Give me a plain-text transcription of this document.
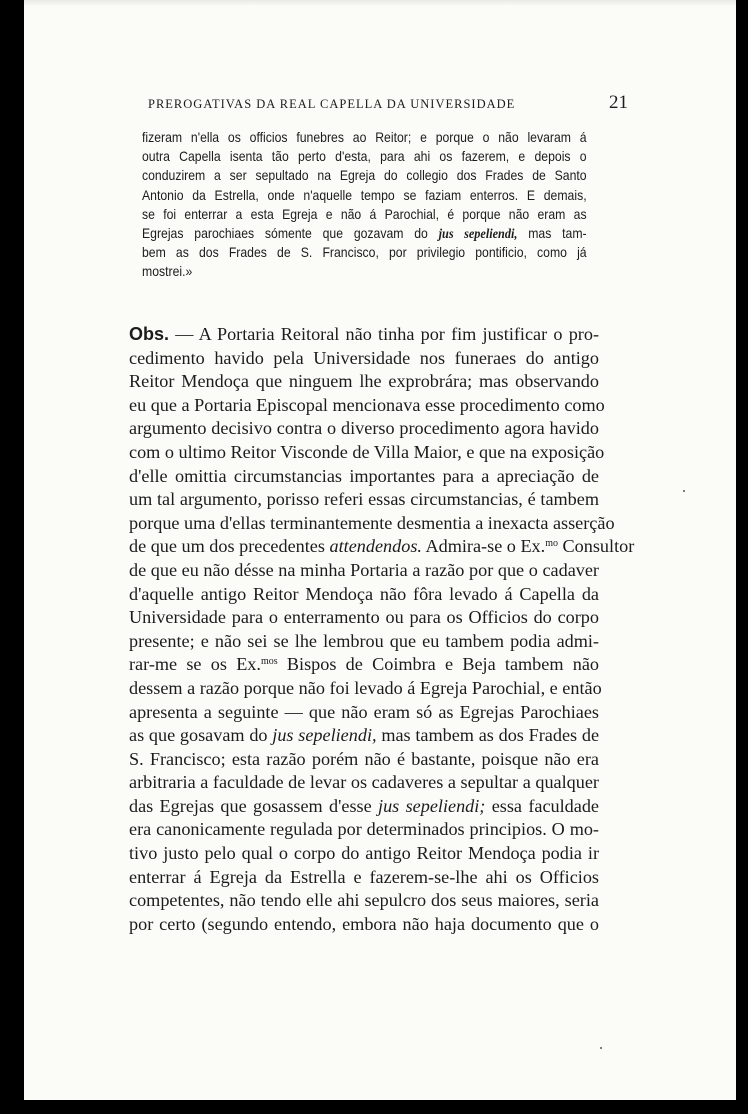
PREROGATIVAS DA REAL CAPELLA DA UNIVERSIDADE	21
fizeram n'ella os officios funebres ao Reitor; e porque o não levaram á
outra Capella isenta tão perto d'esta, para ahi os fazerem, e depois o
conduzirem a ser sepultado na Egreja do collegio dos Frades de Santo
Antonio da Estrella, onde n'aquelle tempo se faziam enterros. E demais,
se foi enterrar a esta Egreja e não á Parochial, é porque não eram as
Egrejas parochiaes sómente que gozavam do jus sepeliendi, mas tam-
bem as dos Frades de S. Francisco, por privilegio pontificio, como já
mostrei.»
Obs. — A Portaria Reitoral não tinha por fim justificar o pro-
cedimento havido pela Universidade nos funeraes do antigo
Reitor Mendoça que ninguem lhe exprobrára; mas observando
eu que a Portaria Episcopal mencionava esse procedimento como
argumento decisivo contra o diverso procedimento agora havido
com o ultimo Reitor Visconde de Villa Maior, e que na exposição
d'elle omittia circumstancias importantes para a apreciação de
um tal argumento, porisso referi essas circumstancias, é tambem
porque uma d'ellas terminantemente desmentia a inexacta asserção
de que um dos precedentes attendendos. Admira-se o Ex.$^{mo}$ Consultor
de que eu não désse na minha Portaria a razão por que o cadaver
d'aquelle antigo Reitor Mendoça não fôra levado á Capella da
Universidade para o enterramento ou para os Officios do corpo
presente; e não sei se lhe lembrou que eu tambem podia admi-
rar-me se os Ex.$^{mos}$ Bispos de Coimbra e Beja tambem não
dessem a razão porque não foi levado á Egreja Parochial, e então
apresenta a seguinte — que não eram só as Egrejas Parochiaes
as que gosavam do jus sepeliendi, mas tambem as dos Frades de
S. Francisco; esta razão porém não é bastante, poisque não era
arbitraria a faculdade de levar os cadaveres a sepultar a qualquer
das Egrejas que gosassem d'esse jus sepeliendi; essa faculdade
era canonicamente regulada por determinados principios. O mo-
tivo justo pelo qual o corpo do antigo Reitor Mendoça podia ir
enterrar á Egreja da Estrella e fazerem-se-lhe ahi os Officios
competentes, não tendo elle ahi sepulcro dos seus maiores, seria
por certo (segundo entendo, embora não haja documento que o
